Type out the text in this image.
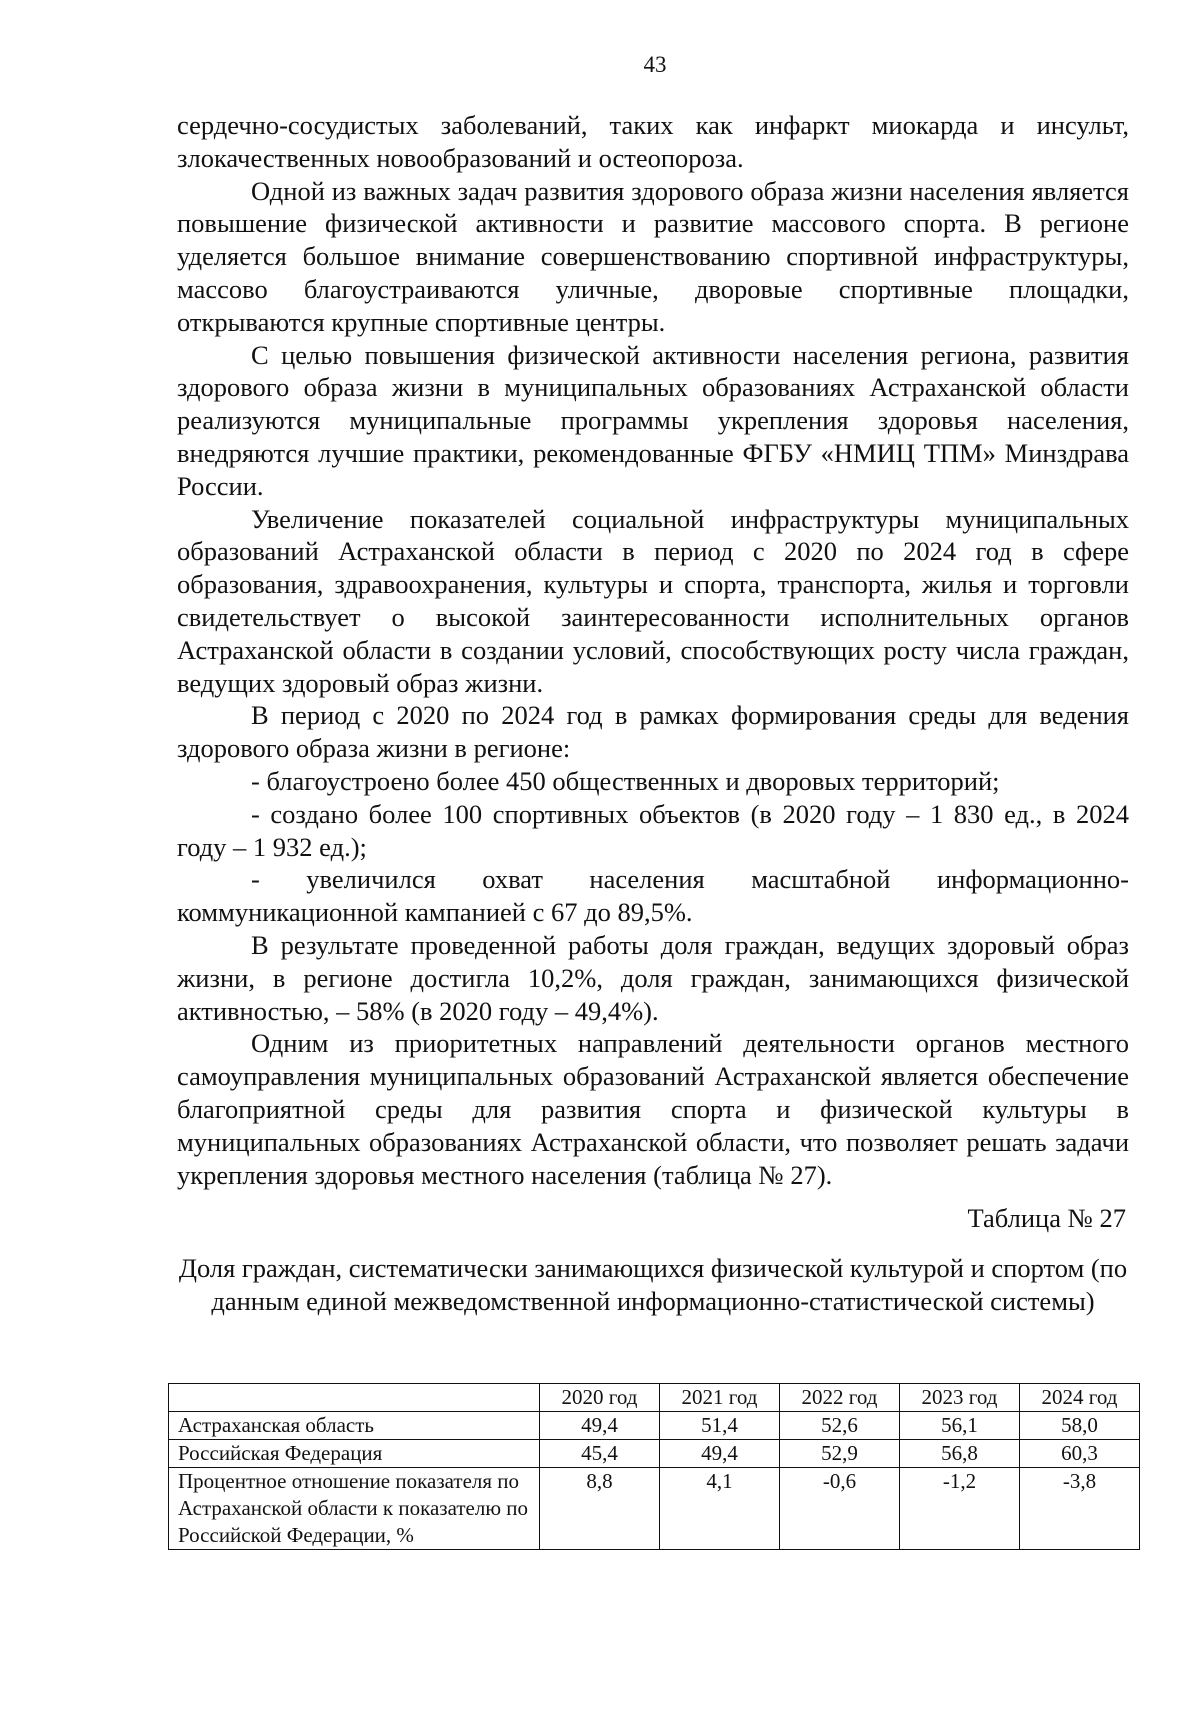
43

сердечно-сосудистых заболеваний, таких как инфаркт миокарда и инсульт, злокачественных новообразований и остеопороза.

Одной из важных задач развития здорового образа жизни населения является повышение физической активности и развитие массового спорта. В регионе уделяется большое внимание совершенствованию спортивной инфраструктуры, массово благоустраиваются уличные, дворовые спортивные площадки, открываются крупные спортивные центры.

С целью повышения физической активности населения региона, развития здорового образа жизни в муниципальных образованиях Астраханской области реализуются муниципальные программы укрепления здоровья населения, внедряются лучшие практики, рекомендованные ФГБУ «НМИЦ ТПМ» Минздрава России.

Увеличение показателей социальной инфраструктуры муниципальных образований Астраханской области в период с 2020 по 2024 год в сфере образования, здравоохранения, культуры и спорта, транспорта, жилья и торговли свидетельствует о высокой заинтересованности исполнительных органов Астраханской области в создании условий, способствующих росту числа граждан, ведущих здоровый образ жизни.

В период с 2020 по 2024 год в рамках формирования среды для ведения здорового образа жизни в регионе:

- благоустроено более 450 общественных и дворовых территорий;

- создано более 100 спортивных объектов (в 2020 году – 1 830 ед., в 2024 году – 1 932 ед.);

- увеличился охват населения масштабной информационно-коммуникационной кампанией с 67 до 89,5%.

В результате проведенной работы доля граждан, ведущих здоровый образ жизни, в регионе достигла 10,2%, доля граждан, занимающихся физической активностью, – 58% (в 2020 году – 49,4%).

Одним из приоритетных направлений деятельности органов местного самоуправления муниципальных образований Астраханской является обеспечение благоприятной среды для развития спорта и физической культуры в муниципальных образованиях Астраханской области, что позволяет решать задачи укрепления здоровья местного населения (таблица № 27).

Таблица № 27
Доля граждан, систематически занимающихся физической культурой и спортом (по данным единой межведомственной информационно-статистической системы)
	2020 год	2021 год	2022 год	2023 год	2024 год
Астраханская область	49,4	51,4	52,6	56,1	58,0
Российская Федерация	45,4	49,4	52,9	56,8	60,3
Процентное отношение показателя по Астраханской области к показателю по Российской Федерации, %	8,8	4,1	-0,6	-1,2	-3,8
